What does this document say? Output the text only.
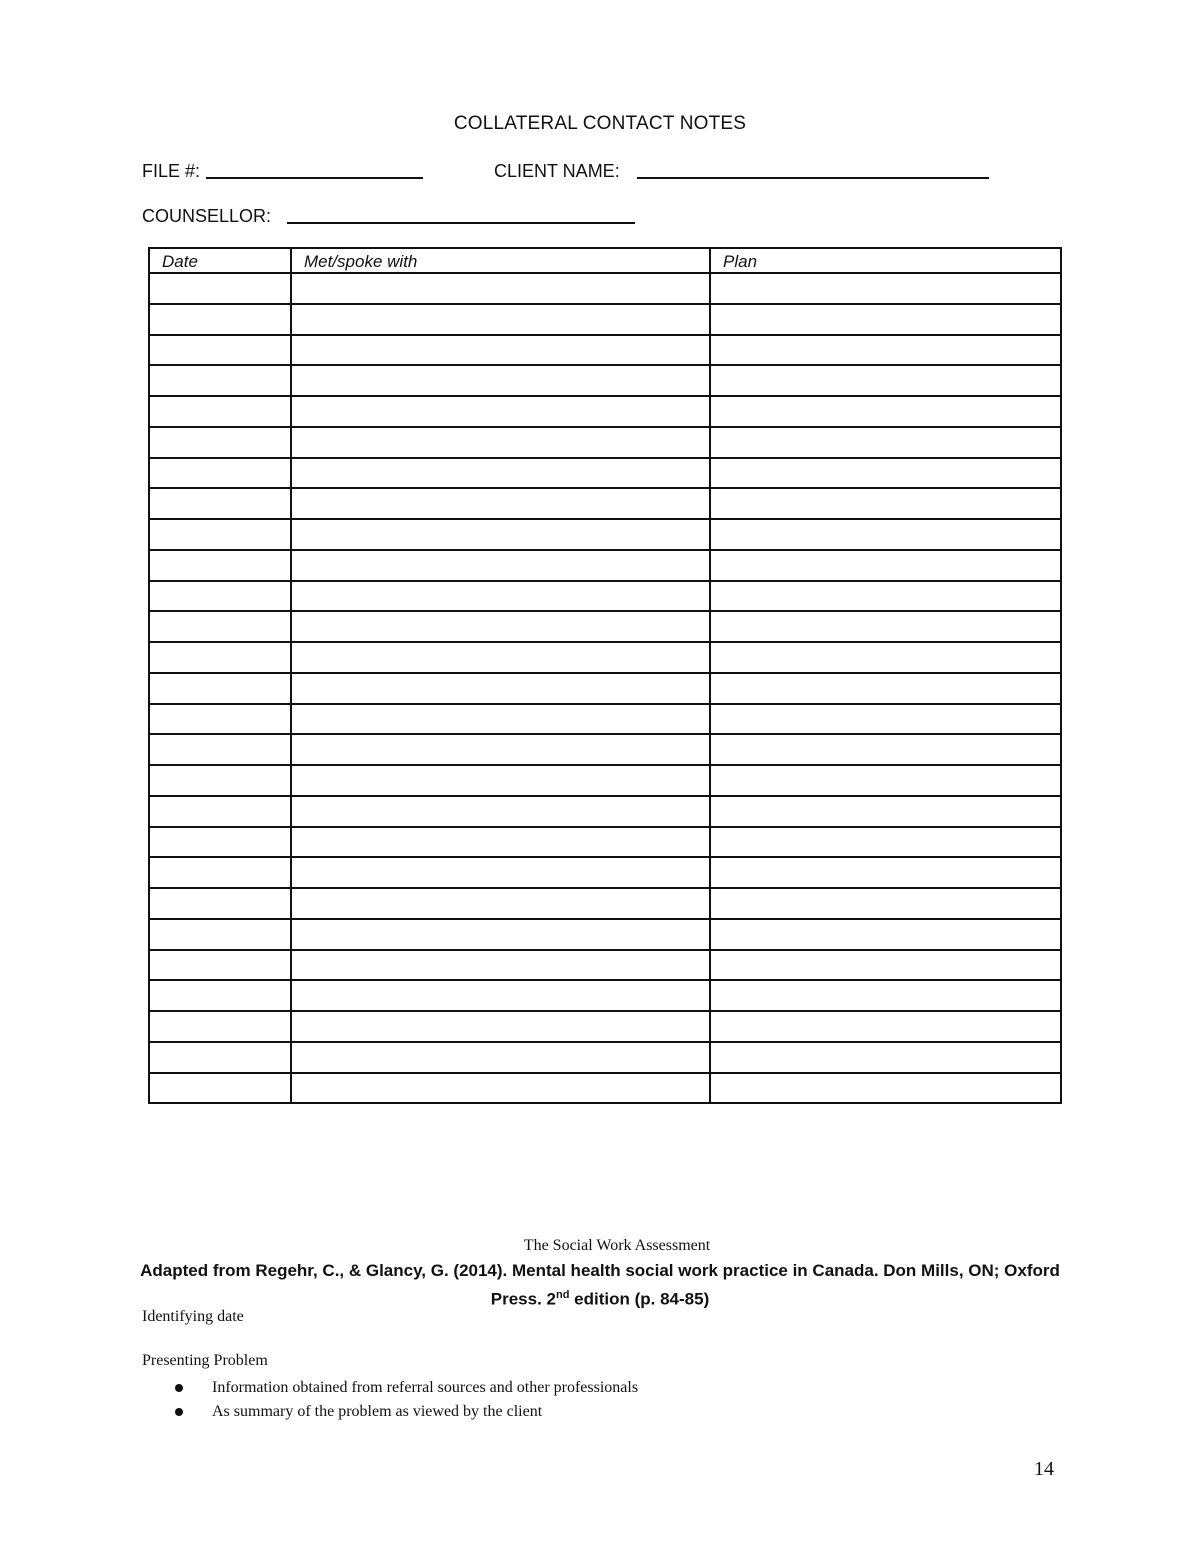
COLLATERAL CONTACT NOTES
FILE #:	CLIENT NAME:
COUNSELLOR:
Date	Met/spoke with	Plan

The Social Work Assessment
Adapted from Regehr, C., & Glancy, G. (2014). Mental health social work practice in Canada. Don Mills, ON; Oxford
Press. 2nd edition (p. 84-85)
Identifying date
Presenting Problem
Information obtained from referral sources and other professionals
As summary of the problem as viewed by the client
14
